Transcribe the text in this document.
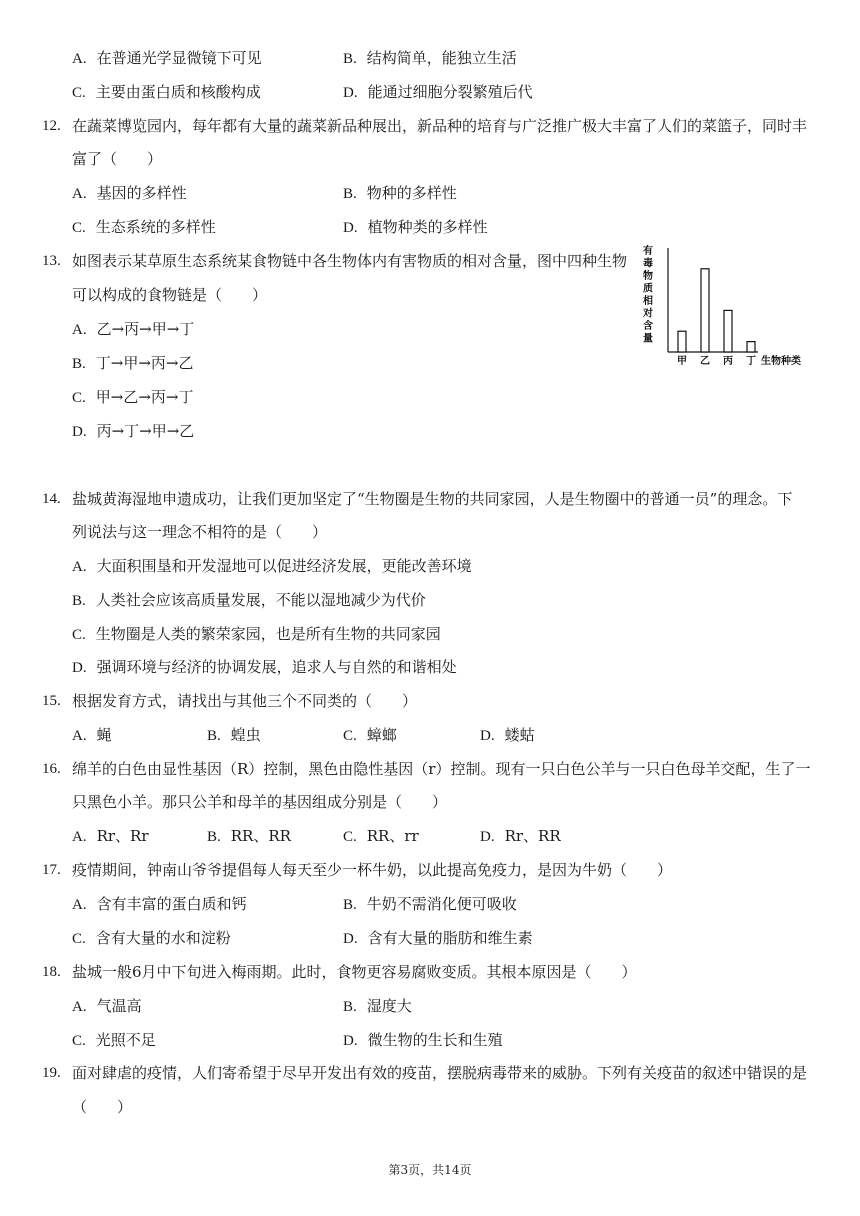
A. 在普通光学显微镜下可见	B. 结构简单，能独立生活
C. 主要由蛋白质和核酸构成	D. 能通过细胞分裂繁殖后代
12. 在蔬菜博览园内，每年都有大量的蔬菜新品种展出，新品种的培育与广泛推广极大丰富了人们的菜篮子，同时丰
富了（　　）
A. 基因的多样性	B. 物种的多样性
C. 生态系统的多样性	D. 植物种类的多样性
13. 如图表示某草原生态系统某食物链中各生物体内有害物质的相对含量，图中四种生物
可以构成的食物链是（　　）
A. 乙→丙→甲→丁
B. 丁→甲→丙→乙
C. 甲→乙→丙→丁
D. 丙→丁→甲→乙
有
毒
物
质
相
对
含
量
甲 乙 丙 丁 生物种类
14. 盐城黄海湿地申遗成功，让我们更加坚定了“生物圈是生物的共同家园，人是生物圈中的普通一员”的理念。下
列说法与这一理念不相符的是（　　）
A. 大面积围垦和开发湿地可以促进经济发展，更能改善环境
B. 人类社会应该高质量发展，不能以湿地减少为代价
C. 生物圈是人类的繁荣家园，也是所有生物的共同家园
D. 强调环境与经济的协调发展，追求人与自然的和谐相处
15. 根据发育方式，请找出与其他三个不同类的（　　）
A. 蝇	B. 蝗虫	C. 蟑螂	D. 蝼蛄
16. 绵羊的白色由显性基因（R）控制，黑色由隐性基因（r）控制。现有一只白色公羊与一只白色母羊交配，生了一
只黑色小羊。那只公羊和母羊的基因组成分别是（　　）
A. Rr、Rr	B. RR、RR	C. RR、rr	D. Rr、RR
17. 疫情期间，钟南山爷爷提倡每人每天至少一杯牛奶，以此提高免疫力，是因为牛奶（　　）
A. 含有丰富的蛋白质和钙	B. 牛奶不需消化便可吸收
C. 含有大量的水和淀粉	D. 含有大量的脂肪和维生素
18. 盐城一般6月中下旬进入梅雨期。此时，食物更容易腐败变质。其根本原因是（　　）
A. 气温高	B. 湿度大
C. 光照不足	D. 微生物的生长和生殖
19. 面对肆虐的疫情，人们寄希望于尽早开发出有效的疫苗，摆脱病毒带来的威胁。下列有关疫苗的叙述中错误的是
（　　）
第3页，共14页
